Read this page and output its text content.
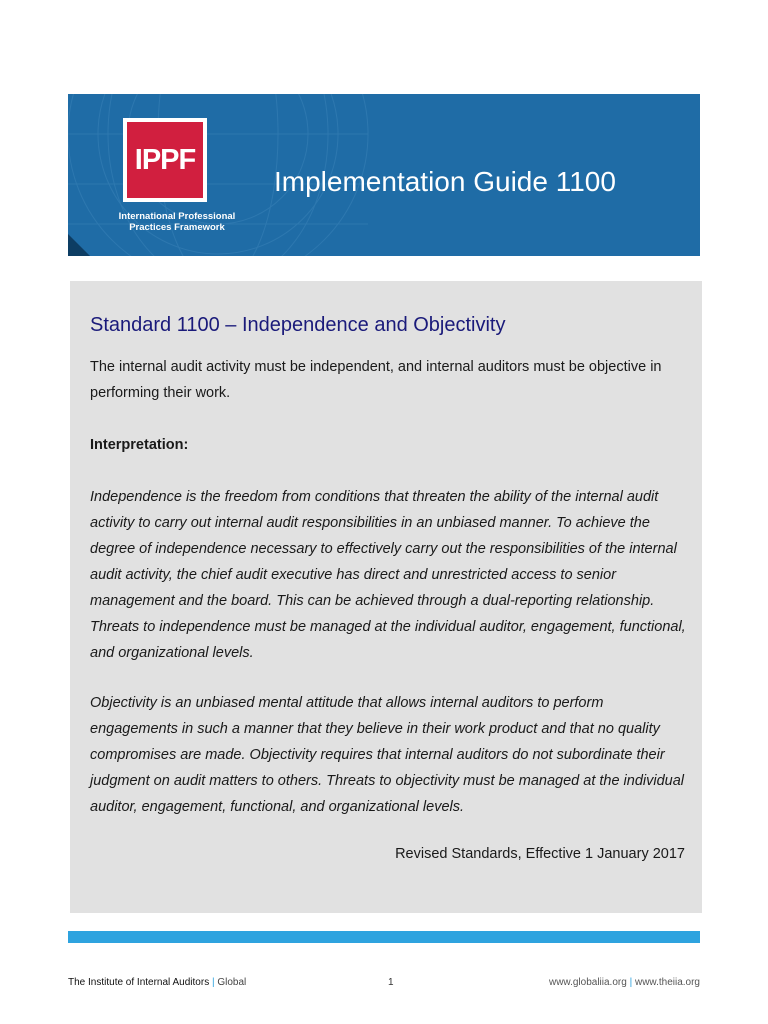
IPPF
International Professional
Practices Framework
Implementation Guide 1100
Standard 1100 – Independence and Objectivity
The internal audit activity must be independent, and internal auditors must be objective in performing their work.
Interpretation:
Independence is the freedom from conditions that threaten the ability of the internal audit activity to carry out internal audit responsibilities in an unbiased manner. To achieve the degree of independence necessary to effectively carry out the responsibilities of the internal audit activity, the chief audit executive has direct and unrestricted access to senior management and the board. This can be achieved through a dual-reporting relationship. Threats to independence must be managed at the individual auditor, engagement, functional, and organizational levels.
Objectivity is an unbiased mental attitude that allows internal auditors to perform engagements in such a manner that they believe in their work product and that no quality compromises are made. Objectivity requires that internal auditors do not subordinate their judgment on audit matters to others. Threats to objectivity must be managed at the individual auditor, engagement, functional, and organizational levels.
Revised Standards, Effective 1 January 2017
The Institute of Internal Auditors | Global	1	www.globaliia.org | www.theiia.org
